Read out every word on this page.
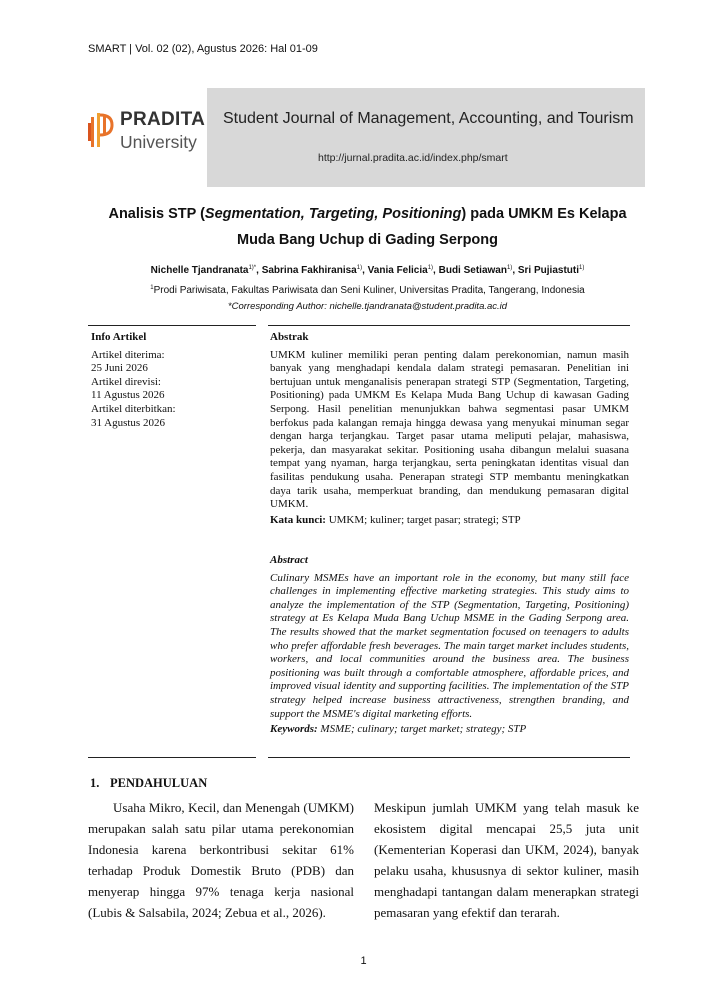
SMART | Vol. 02 (02), Agustus 2026: Hal 01-09
PRADITA
University
Student Journal of Management, Accounting, and Tourism
http://jurnal.pradita.ac.id/index.php/smart
Analisis STP (Segmentation, Targeting, Positioning) pada UMKM Es Kelapa Muda Bang Uchup di Gading Serpong
Nichelle Tjandranata$^{1)*}$, Sabrina Fakhiranisa$^{1)}$, Vania Felicia$^{1)}$, Budi Setiawan$^{1)}$, Sri Pujiastuti$^{1)}$
$^1$Prodi Pariwisata, Fakultas Pariwisata dan Seni Kuliner, Universitas Pradita, Tangerang, Indonesia
*Corresponding Author: nichelle.tjandranata@student.pradita.ac.id
Info Artikel
Artikel diterima:
25 Juni 2026
Artikel direvisi:
11 Agustus 2026
Artikel diterbitkan:
31 Agustus 2026
Abstrak

UMKM kuliner memiliki peran penting dalam perekonomian, namun masih banyak yang menghadapi kendala dalam strategi pemasaran. Penelitian ini bertujuan untuk menganalisis penerapan strategi STP (Segmentation, Targeting, Positioning) pada UMKM Es Kelapa Muda Bang Uchup di kawasan Gading Serpong. Hasil penelitian menunjukkan bahwa segmentasi pasar UMKM berfokus pada kalangan remaja hingga dewasa yang menyukai minuman segar dengan harga terjangkau. Target pasar utama meliputi pelajar, mahasiswa, pekerja, dan masyarakat sekitar. Positioning usaha dibangun melalui suasana tempat yang nyaman, harga terjangkau, serta peningkatan identitas visual dan fasilitas pendukung usaha. Penerapan strategi STP membantu meningkatkan daya tarik usaha, memperkuat branding, dan mendukung pemasaran digital UMKM.

Kata kunci: UMKM; kuliner; target pasar; strategi; STP

Abstract

Culinary MSMEs have an important role in the economy, but many still face challenges in implementing effective marketing strategies. This study aims to analyze the implementation of the STP (Segmentation, Targeting, Positioning) strategy at Es Kelapa Muda Bang Uchup MSME in the Gading Serpong area. The results showed that the market segmentation focused on teenagers to adults who prefer affordable fresh beverages. The main target market includes students, workers, and local communities around the business area. The business positioning was built through a comfortable atmosphere, affordable prices, and improved visual identity and supporting facilities. The implementation of the STP strategy helped increase business attractiveness, strengthen branding, and support the MSME's digital marketing efforts.

Keywords: MSME; culinary; target market; strategy; STP

1. PENDAHULUAN
Usaha Mikro, Kecil, dan Menengah (UMKM) merupakan salah satu pilar utama perekonomian Indonesia karena berkontribusi sekitar 61% terhadap Produk Domestik Bruto (PDB) dan menyerap hingga 97% tenaga kerja nasional (Lubis & Salsabila, 2024; Zebua et al., 2026).
Meskipun jumlah UMKM yang telah masuk ke ekosistem digital mencapai 25,5 juta unit (Kementerian Koperasi dan UKM, 2024), banyak pelaku usaha, khususnya di sektor kuliner, masih menghadapi tantangan dalam menerapkan strategi pemasaran yang efektif dan terarah.
1
